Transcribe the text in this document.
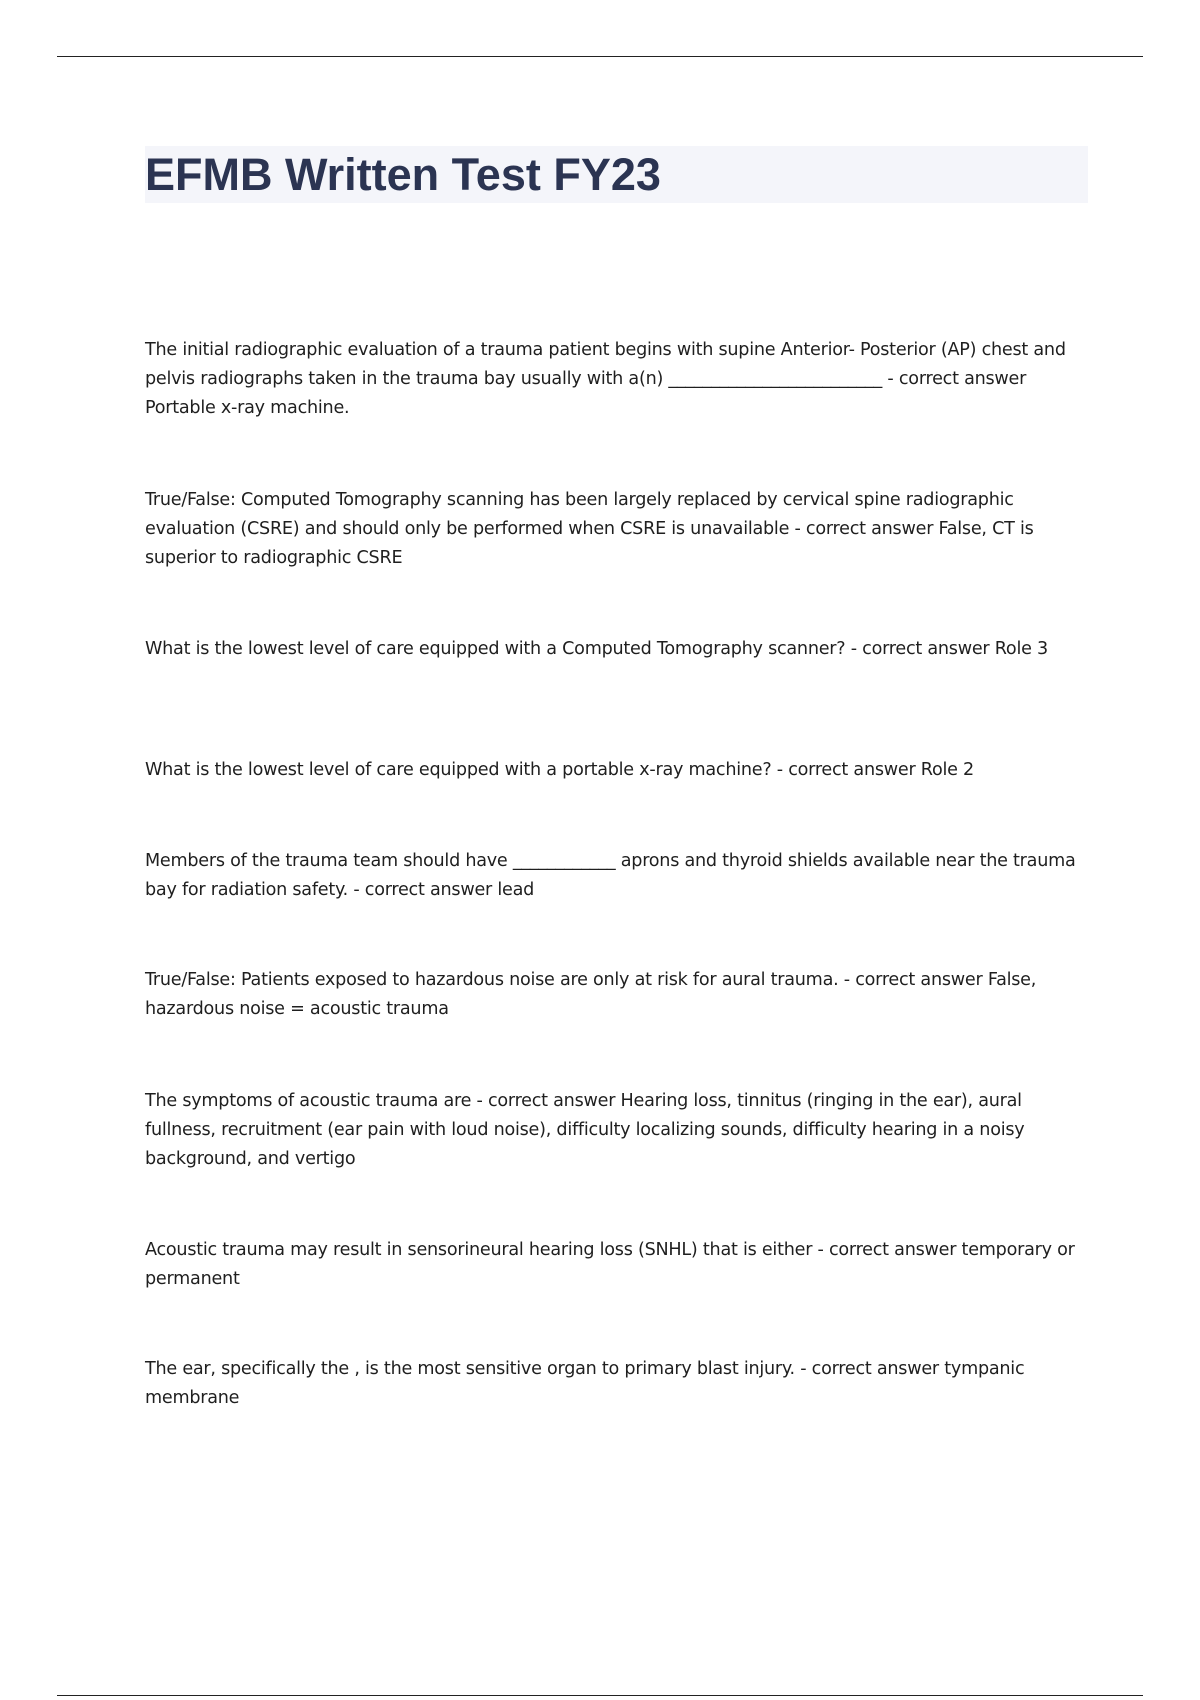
EFMB Written Test FY23

The initial radiographic evaluation of a trauma patient begins with supine Anterior- Posterior (AP) chest and pelvis radiographs taken in the trauma bay usually with a(n) _________________________ - correct answer Portable x-ray machine.

True/False: Computed Tomography scanning has been largely replaced by cervical spine radiographic evaluation (CSRE) and should only be performed when CSRE is unavailable - correct answer False, CT is superior to radiographic CSRE

What is the lowest level of care equipped with a Computed Tomography scanner? - correct answer Role 3

What is the lowest level of care equipped with a portable x-ray machine? - correct answer Role 2

Members of the trauma team should have ____________ aprons and thyroid shields available near the trauma bay for radiation safety. - correct answer lead

True/False: Patients exposed to hazardous noise are only at risk for aural trauma. - correct answer False, hazardous noise = acoustic trauma

The symptoms of acoustic trauma are - correct answer Hearing loss, tinnitus (ringing in the ear), aural fullness, recruitment (ear pain with loud noise), difficulty localizing sounds, difficulty hearing in a noisy background, and vertigo

Acoustic trauma may result in sensorineural hearing loss (SNHL) that is either - correct answer temporary or permanent

The ear, specifically the , is the most sensitive organ to primary blast injury. - correct answer tympanic membrane
